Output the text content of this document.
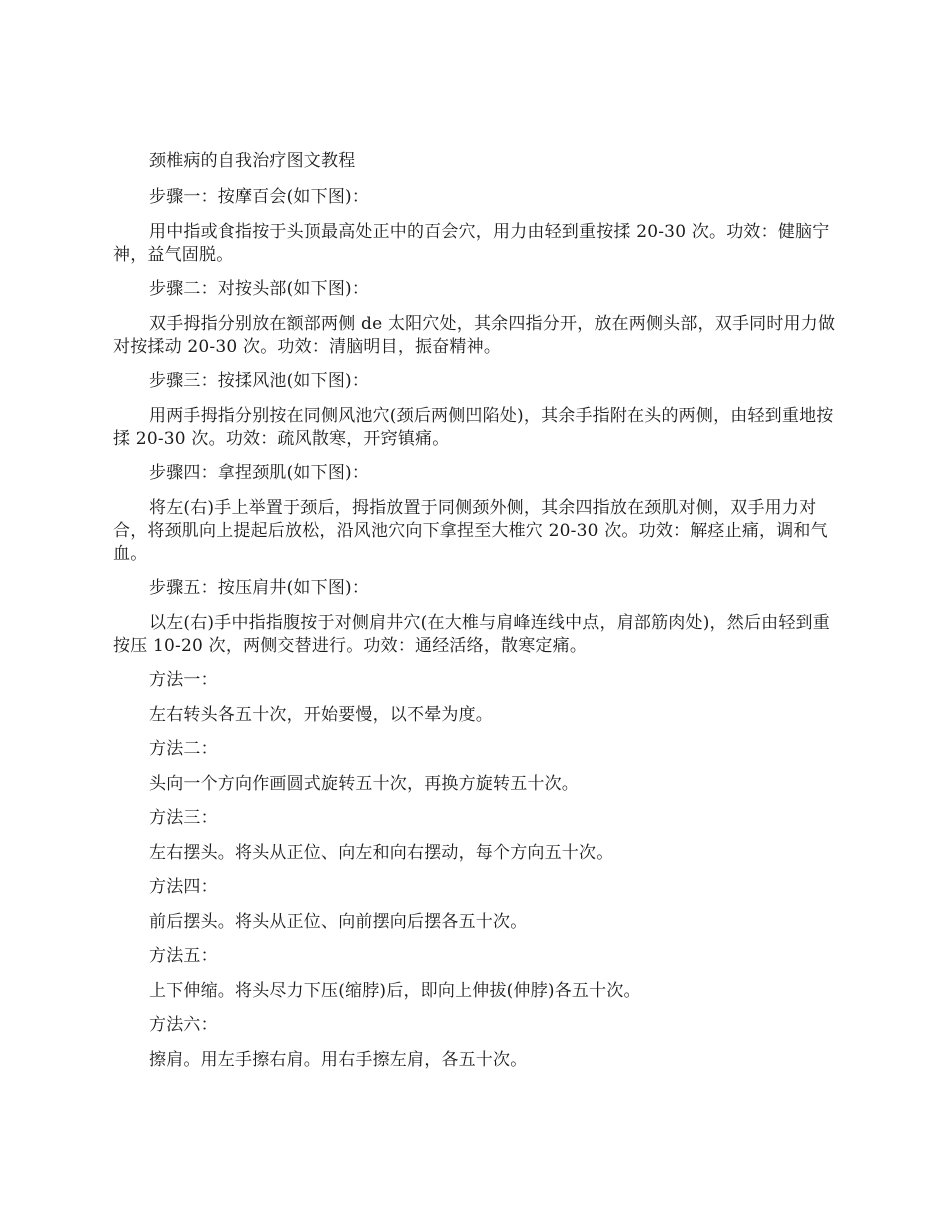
颈椎病的自我治疗图文教程

步骤一：按摩百会(如下图)：

用中指或食指按于头顶最高处正中的百会穴，用力由轻到重按揉 20-30 次。功效：健脑宁神，益气固脱。

步骤二：对按头部(如下图)：

双手拇指分别放在额部两侧 de 太阳穴处，其余四指分开，放在两侧头部，双手同时用力做对按揉动 20-30 次。功效：清脑明目，振奋精神。

步骤三：按揉风池(如下图)：

用两手拇指分别按在同侧风池穴(颈后两侧凹陷处)，其余手指附在头的两侧，由轻到重地按揉 20-30 次。功效：疏风散寒，开窍镇痛。

步骤四：拿捏颈肌(如下图)：

将左(右)手上举置于颈后，拇指放置于同侧颈外侧，其余四指放在颈肌对侧，双手用力对合，将颈肌向上提起后放松，沿风池穴向下拿捏至大椎穴 20-30 次。功效：解痉止痛，调和气血。

步骤五：按压肩井(如下图)：

以左(右)手中指指腹按于对侧肩井穴(在大椎与肩峰连线中点，肩部筋肉处)，然后由轻到重按压 10-20 次，两侧交替进行。功效：通经活络，散寒定痛。

方法一：

左右转头各五十次，开始要慢，以不晕为度。

方法二：

头向一个方向作画圆式旋转五十次，再换方旋转五十次。

方法三：

左右摆头。将头从正位、向左和向右摆动，每个方向五十次。

方法四：

前后摆头。将头从正位、向前摆向后摆各五十次。

方法五：

上下伸缩。将头尽力下压(缩脖)后，即向上伸拔(伸脖)各五十次。

方法六：

擦肩。用左手擦右肩。用右手擦左肩，各五十次。
